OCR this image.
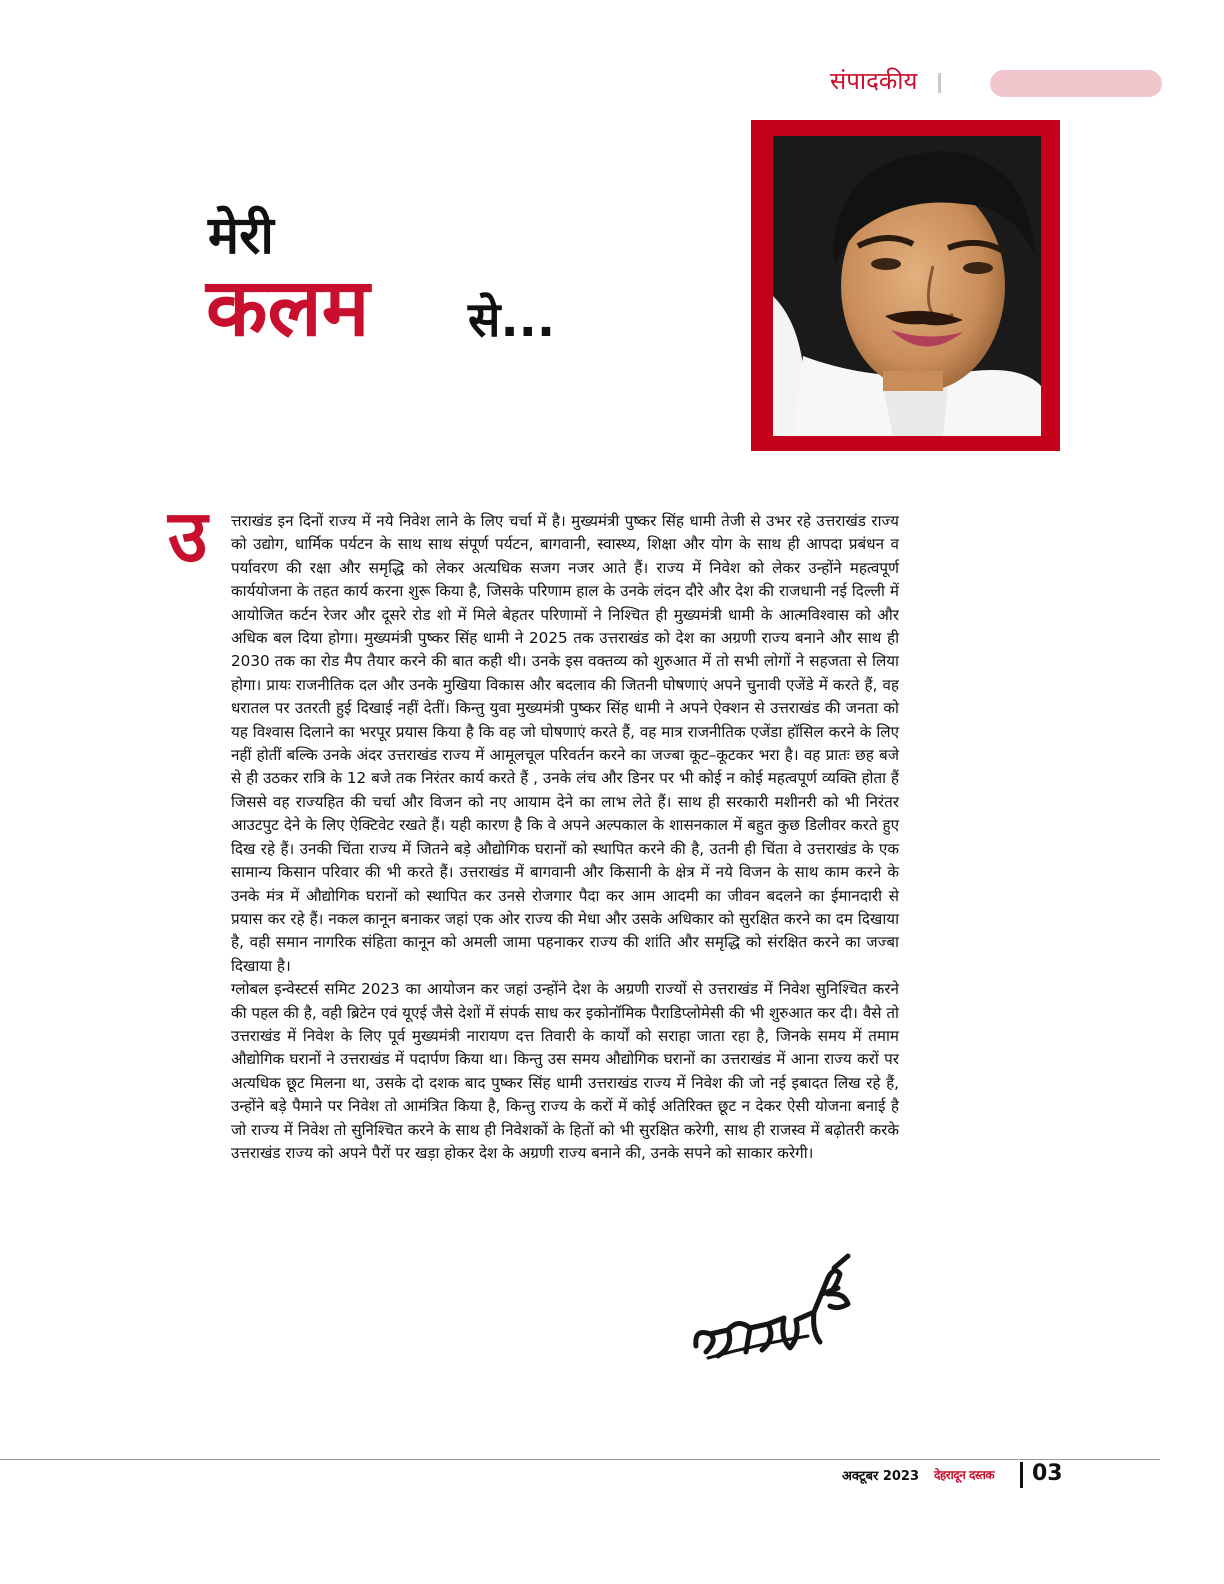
संपादकीय
मेरी
कलम से...
उ त्तराखंड इन दिनों राज्य में नये निवेश लाने के लिए चर्चा में है। मुख्यमंत्री पुष्कर सिंह धामी तेजी से उभर रहे उत्तराखंड राज्य को उद्योग, धार्मिक पर्यटन के साथ साथ संपूर्ण पर्यटन, बागवानी, स्वास्थ्य, शिक्षा और योग के साथ ही आपदा प्रबंधन व पर्यावरण की रक्षा और समृद्धि को लेकर अत्यधिक सजग नजर आते हैं। राज्य में निवेश को लेकर उन्होंने महत्वपूर्ण कार्ययोजना के तहत कार्य करना शुरू किया है, जिसके परिणाम हाल के उनके लंदन दौरे और देश की राजधानी नई दिल्ली में आयोजित कर्टन रेजर और दूसरे रोड शो में मिले बेहतर परिणामों ने निश्चित ही मुख्यमंत्री धामी के आत्मविश्वास को और अधिक बल दिया होगा। मुख्यमंत्री पुष्कर सिंह धामी ने 2025 तक उत्तराखंड को देश का अग्रणी राज्य बनाने और साथ ही 2030 तक का रोड मैप तैयार करने की बात कही थी। उनके इस वक्तव्य को शुरुआत में तो सभी लोगों ने सहजता से लिया होगा। प्रायः राजनीतिक दल और उनके मुखिया विकास और बदलाव की जितनी घोषणाएं अपने चुनावी एजेंडे में करते हैं, वह धरातल पर उतरती हुई दिखाई नहीं देतीं। किन्तु युवा मुख्यमंत्री पुष्कर सिंह धामी ने अपने ऐक्शन से उत्तराखंड की जनता को यह विश्वास दिलाने का भरपूर प्रयास किया है कि वह जो घोषणाएं करते हैं, वह मात्र राजनीतिक एजेंडा हॉसिल करने के लिए नहीं होतीं बल्कि उनके अंदर उत्तराखंड राज्य में आमूलचूल परिवर्तन करने का जज्बा कूट–कूटकर भरा है। वह प्रातः छह बजे से ही उठकर रात्रि के 12 बजे तक निरंतर कार्य करते हैं , उनके लंच और डिनर पर भी कोई न कोई महत्वपूर्ण व्यक्ति होता हैं जिससे वह राज्यहित की चर्चा और विजन को नए आयाम देने का लाभ लेते हैं। साथ ही सरकारी मशीनरी को भी निरंतर आउटपुट देने के लिए ऐक्टिवेट रखते हैं। यही कारण है कि वे अपने अल्पकाल के शासनकाल में बहुत कुछ डिलीवर करते हुए दिख रहे हैं। उनकी चिंता राज्य में जितने बड़े औद्योगिक घरानों को स्थापित करने की है, उतनी ही चिंता वे उत्तराखंड के एक सामान्य किसान परिवार की भी करते हैं। उत्तराखंड में बागवानी और किसानी के क्षेत्र में नये विजन के साथ काम करने के उनके मंत्र में औद्योगिक घरानों को स्थापित कर उनसे रोजगार पैदा कर आम आदमी का जीवन बदलने का ईमानदारी से प्रयास कर रहे हैं। नकल कानून बनाकर जहां एक ओर राज्य की मेधा और उसके अधिकार को सुरक्षित करने का दम दिखाया है, वही समान नागरिक संहिता कानून को अमली जामा पहनाकर राज्य की शांति और समृद्धि को संरक्षित करने का जज्बा दिखाया है।

ग्लोबल इन्वेस्टर्स समिट 2023 का आयोजन कर जहां उन्होंने देश के अग्रणी राज्यों से उत्तराखंड में निवेश सुनिश्चित करने की पहल की है, वही ब्रिटेन एवं यूएई जैसे देशों में संपर्क साध कर इकोनॉमिक पैराडिप्लोमेसी की भी शुरुआत कर दी। वैसे तो उत्तराखंड में निवेश के लिए पूर्व मुख्यमंत्री नारायण दत्त तिवारी के कार्यों को सराहा जाता रहा है, जिनके समय में तमाम औद्योगिक घरानों ने उत्तराखंड में पदार्पण किया था। किन्तु उस समय औद्योगिक घरानों का उत्तराखंड में आना राज्य करों पर अत्यधिक छूट मिलना था, उसके दो दशक बाद पुष्कर सिंह धामी उत्तराखंड राज्य में निवेश की जो नई इबादत लिख रहे हैं, उन्होंने बड़े पैमाने पर निवेश तो आमंत्रित किया है, किन्तु राज्य के करों में कोई अतिरिक्त छूट न देकर ऐसी योजना बनाई है जो राज्य में निवेश तो सुनिश्चित करने के साथ ही निवेशकों के हितों को भी सुरक्षित करेगी, साथ ही राजस्व में बढ़ोतरी करके उत्तराखंड राज्य को अपने पैरों पर खड़ा होकर देश के अग्रणी राज्य बनाने की, उनके सपने को साकार करेगी।

अक्टूबर 2023 देहरादून दस्तक 03
